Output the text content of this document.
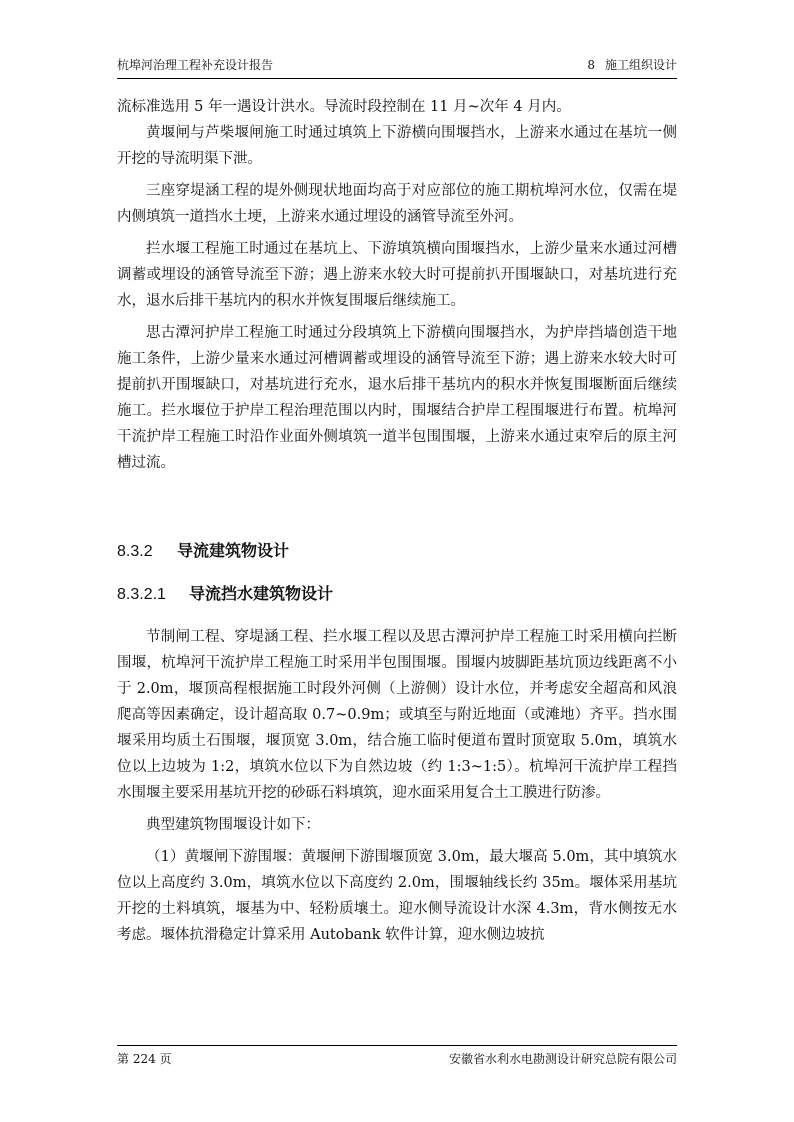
杭埠河治理工程补充设计报告	8 施工组织设计

流标准选用 5 年一遇设计洪水。导流时段控制在 11 月~次年 4 月内。

黄堰闸与芦柴堰闸施工时通过填筑上下游横向围堰挡水，上游来水通过在基坑一侧开挖的导流明渠下泄。

三座穿堤涵工程的堤外侧现状地面均高于对应部位的施工期杭埠河水位，仅需在堤内侧填筑一道挡水土埂，上游来水通过埋设的涵管导流至外河。

拦水堰工程施工时通过在基坑上、下游填筑横向围堰挡水，上游少量来水通过河槽调蓄或埋设的涵管导流至下游；遇上游来水较大时可提前扒开围堰缺口，对基坑进行充水，退水后排干基坑内的积水并恢复围堰后继续施工。

思古潭河护岸工程施工时通过分段填筑上下游横向围堰挡水，为护岸挡墙创造干地施工条件，上游少量来水通过河槽调蓄或埋设的涵管导流至下游；遇上游来水较大时可提前扒开围堰缺口，对基坑进行充水，退水后排干基坑内的积水并恢复围堰断面后继续施工。拦水堰位于护岸工程治理范围以内时，围堰结合护岸工程围堰进行布置。杭埠河干流护岸工程施工时沿作业面外侧填筑一道半包围围堰，上游来水通过束窄后的原主河槽过流。

8.3.2 导流建筑物设计

8.3.2.1 导流挡水建筑物设计

节制闸工程、穿堤涵工程、拦水堰工程以及思古潭河护岸工程施工时采用横向拦断围堰，杭埠河干流护岸工程施工时采用半包围围堰。围堰内坡脚距基坑顶边线距离不小于 2.0m，堰顶高程根据施工时段外河侧（上游侧）设计水位，并考虑安全超高和风浪爬高等因素确定，设计超高取 0.7~0.9m；或填至与附近地面（或滩地）齐平。挡水围堰采用均质土石围堰，堰顶宽 3.0m，结合施工临时便道布置时顶宽取 5.0m，填筑水位以上边坡为 1:2，填筑水位以下为自然边坡（约 1:3~1:5）。杭埠河干流护岸工程挡水围堰主要采用基坑开挖的砂砾石料填筑，迎水面采用复合土工膜进行防渗。

典型建筑物围堰设计如下：

（1）黄堰闸下游围堰：黄堰闸下游围堰顶宽 3.0m，最大堰高 5.0m，其中填筑水位以上高度约 3.0m，填筑水位以下高度约 2.0m，围堰轴线长约 35m。堰体采用基坑开挖的土料填筑，堰基为中、轻粉质壤土。迎水侧导流设计水深 4.3m，背水侧按无水考虑。堰体抗滑稳定计算采用 Autobank 软件计算，迎水侧边坡抗

第 224 页	安徽省水利水电勘测设计研究总院有限公司
